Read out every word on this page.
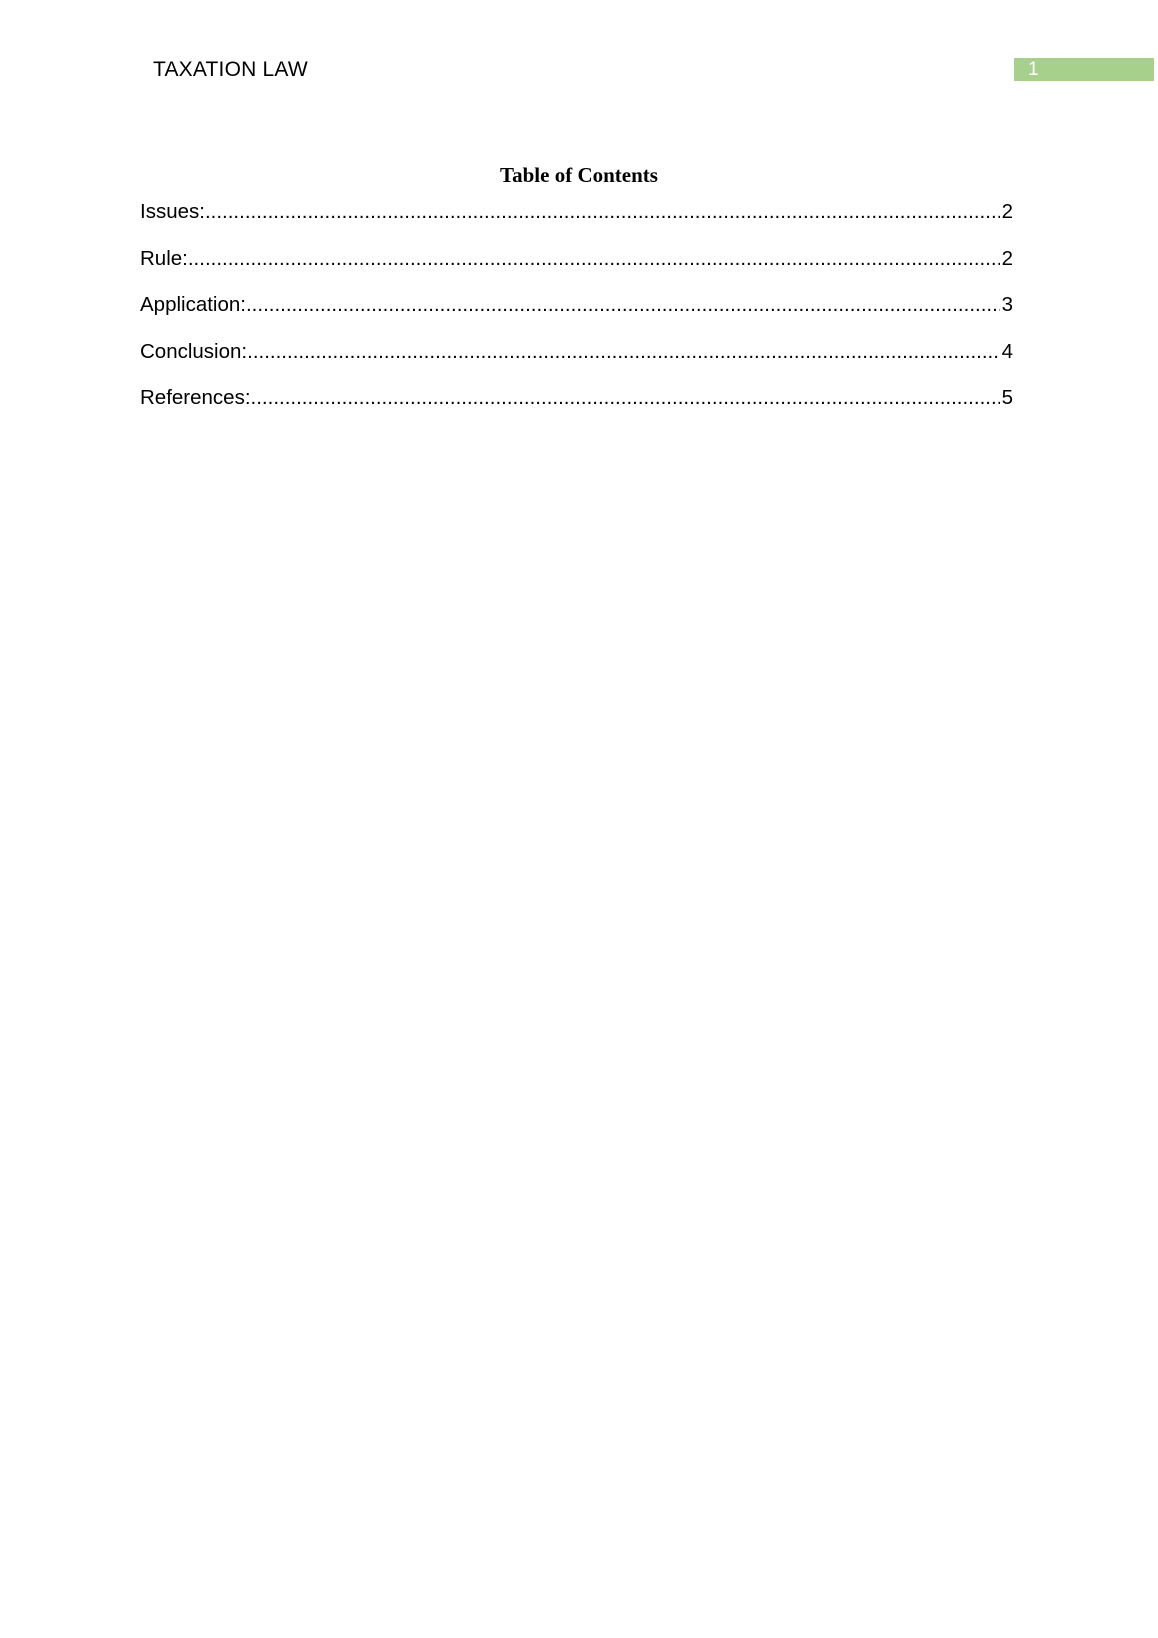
TAXATION LAW	1
Table of Contents
Issues: .....	2
Rule: .....	2
Application: .....	3
Conclusion: .....	4
References: .....	5
